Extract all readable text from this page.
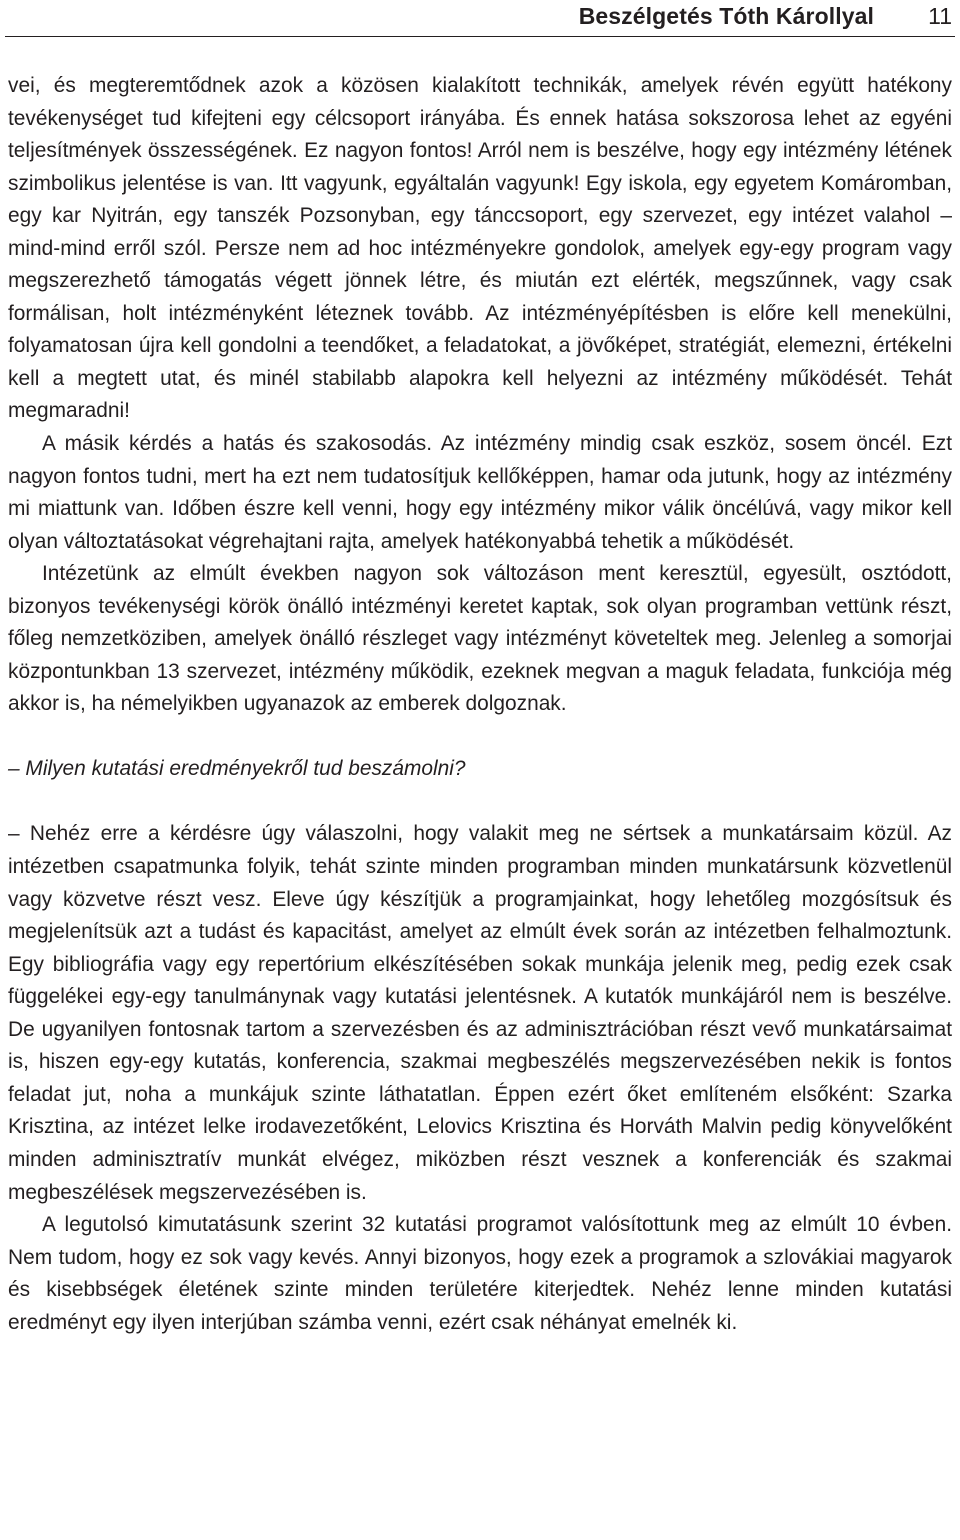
Beszélgetés Tóth Károllyal 11

vei, és megteremtődnek azok a közösen kialakított technikák, amelyek révén együtt hatékony tevékenységet tud kifejteni egy célcsoport irányába. És ennek hatása sokszorosa lehet az egyéni teljesítmények összességének. Ez nagyon fontos! Arról nem is beszélve, hogy egy intézmény létének szimbolikus jelentése is van. Itt vagyunk, egyáltalán vagyunk! Egy iskola, egy egyetem Komáromban, egy kar Nyitrán, egy tanszék Pozsonyban, egy tánccsoport, egy szervezet, egy intézet valahol – mind-mind erről szól. Persze nem ad hoc intézményekre gondolok, amelyek egy-egy program vagy megszerezhető támogatás végett jönnek létre, és miután ezt elérték, megszűnnek, vagy csak formálisan, holt intézményként léteznek tovább. Az intézményépítésben is előre kell menekülni, folyamatosan újra kell gondolni a teendőket, a feladatokat, a jövőképet, stratégiát, elemezni, értékelni kell a megtett utat, és minél stabilabb alapokra kell helyezni az intézmény működését. Tehát megmaradni!

A másik kérdés a hatás és szakosodás. Az intézmény mindig csak eszköz, sosem öncél. Ezt nagyon fontos tudni, mert ha ezt nem tudatosítjuk kellőképpen, hamar oda jutunk, hogy az intézmény mi miattunk van. Időben észre kell venni, hogy egy intézmény mikor válik öncélúvá, vagy mikor kell olyan változtatásokat végrehajtani rajta, amelyek hatékonyabbá tehetik a működését.

Intézetünk az elmúlt években nagyon sok változáson ment keresztül, egyesült, osztódott, bizonyos tevékenységi körök önálló intézményi keretet kaptak, sok olyan programban vettünk részt, főleg nemzetköziben, amelyek önálló részleget vagy intézményt követeltek meg. Jelenleg a somorjai központunkban 13 szervezet, intézmény működik, ezeknek megvan a maguk feladata, funkciója még akkor is, ha némelyikben ugyanazok az emberek dolgoznak.

– Milyen kutatási eredményekről tud beszámolni?

– Nehéz erre a kérdésre úgy válaszolni, hogy valakit meg ne sértsek a munkatársaim közül. Az intézetben csapatmunka folyik, tehát szinte minden programban minden munkatársunk közvetlenül vagy közvetve részt vesz. Eleve úgy készítjük a programjainkat, hogy lehetőleg mozgósítsuk és megjelenítsük azt a tudást és kapacitást, amelyet az elmúlt évek során az intézetben felhalmoztunk. Egy bibliográfia vagy egy repertórium elkészítésében sokak munkája jelenik meg, pedig ezek csak függelékei egy-egy tanulmánynak vagy kutatási jelentésnek. A kutatók munkájáról nem is beszélve. De ugyanilyen fontosnak tartom a szervezésben és az adminisztrációban részt vevő munkatársaimat is, hiszen egy-egy kutatás, konferencia, szakmai megbeszélés megszervezésében nekik is fontos feladat jut, noha a munkájuk szinte láthatatlan. Éppen ezért őket említeném elsőként: Szarka Krisztina, az intézet lelke irodavezetőként, Lelovics Krisztina és Horváth Malvin pedig könyvelőként minden adminisztratív munkát elvégez, miközben részt vesznek a konferenciák és szakmai megbeszélések megszervezésében is.

A legutolsó kimutatásunk szerint 32 kutatási programot valósítottunk meg az elmúlt 10 évben. Nem tudom, hogy ez sok vagy kevés. Annyi bizonyos, hogy ezek a programok a szlovákiai magyarok és kisebbségek életének szinte minden területére kiterjedtek. Nehéz lenne minden kutatási eredményt egy ilyen interjúban számba venni, ezért csak néhányat emelnék ki.
